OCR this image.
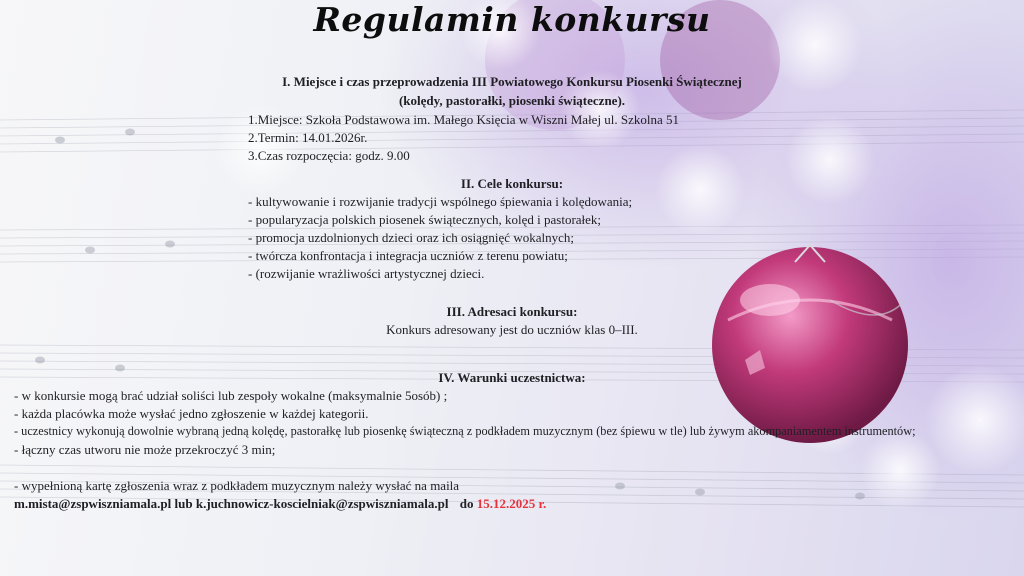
Regulamin konkursu
I. Miejsce i czas przeprowadzenia III Powiatowego Konkursu Piosenki Świątecznej
(kolędy, pastorałki, piosenki świąteczne).
1.Miejsce: Szkoła Podstawowa im. Małego Księcia w Wiszni Małej ul. Szkolna 51
2.Termin: 14.01.2026r.
3.Czas rozpoczęcia: godz. 9.00
II. Cele konkursu:
- kultywowanie i rozwijanie tradycji wspólnego śpiewania i kolędowania;
- popularyzacja polskich piosenek świątecznych, kolęd i pastorałek;
- promocja uzdolnionych dzieci oraz ich osiągnięć wokalnych;
- twórcza konfrontacja i integracja uczniów z terenu powiatu;
- (rozwijanie wrażliwości artystycznej dzieci.
III. Adresaci konkursu:
Konkurs adresowany jest do uczniów klas 0–III.
IV. Warunki uczestnictwa:
- w konkursie mogą brać udział soliści lub zespoły wokalne (maksymalnie 5osób) ;
- każda placówka może wysłać jedno zgłoszenie w każdej kategorii.
- uczestnicy wykonują dowolnie wybraną jedną kolędę, pastorałkę lub piosenkę świąteczną z podkładem muzycznym (bez śpiewu w tle) lub żywym akompaniamentem instrumentów;
- łączny czas utworu nie może przekroczyć 3 min;
- wypełnioną kartę zgłoszenia wraz z podkładem muzycznym należy wysłać na maila
m.mista@zspwiszniamala.pl lub k.juchnowicz-koscielniak@zspwiszniamala.pl do 15.12.2025 r.
